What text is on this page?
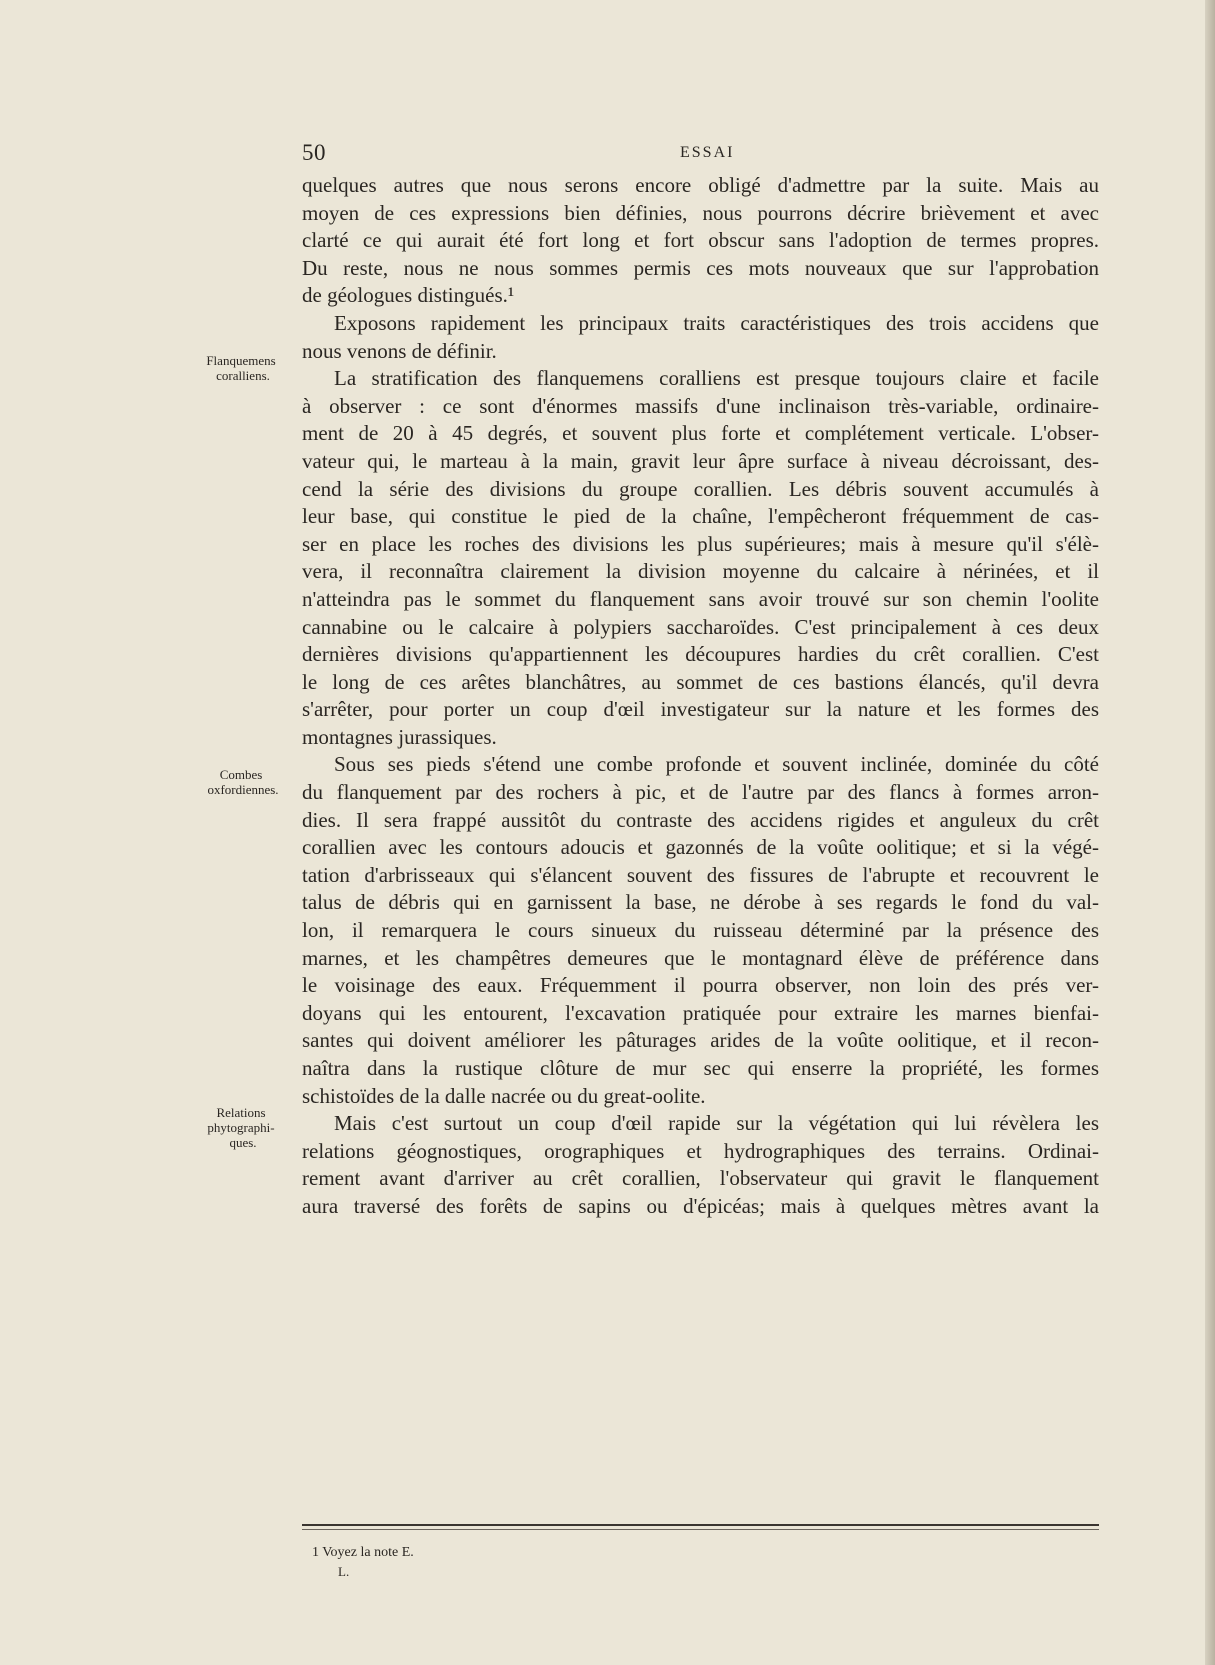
50	ESSAI
Flanquemens
coralliens.
Combes
oxfordiennes.
Relations
phytographi-
ques.
quelques autres que nous serons encore obligé d'admettre par la suite. Mais au
moyen de ces expressions bien définies, nous pourrons décrire brièvement et avec
clarté ce qui aurait été fort long et fort obscur sans l'adoption de termes propres.
Du reste, nous ne nous sommes permis ces mots nouveaux que sur l'approbation
de géologues distingués.¹
Exposons rapidement les principaux traits caractéristiques des trois accidens que
nous venons de définir.
La stratification des flanquemens coralliens est presque toujours claire et facile
à observer : ce sont d'énormes massifs d'une inclinaison très-variable, ordinaire-
ment de 20 à 45 degrés, et souvent plus forte et complétement verticale. L'obser-
vateur qui, le marteau à la main, gravit leur âpre surface à niveau décroissant, des-
cend la série des divisions du groupe corallien. Les débris souvent accumulés à
leur base, qui constitue le pied de la chaîne, l'empêcheront fréquemment de cas-
ser en place les roches des divisions les plus supérieures; mais à mesure qu'il s'élè-
vera, il reconnaîtra clairement la division moyenne du calcaire à nérinées, et il
n'atteindra pas le sommet du flanquement sans avoir trouvé sur son chemin l'oolite
cannabine ou le calcaire à polypiers saccharoïdes. C'est principalement à ces deux
dernières divisions qu'appartiennent les découpures hardies du crêt corallien. C'est
le long de ces arêtes blanchâtres, au sommet de ces bastions élancés, qu'il devra
s'arrêter, pour porter un coup d'œil investigateur sur la nature et les formes des
montagnes jurassiques.
Sous ses pieds s'étend une combe profonde et souvent inclinée, dominée du côté
du flanquement par des rochers à pic, et de l'autre par des flancs à formes arron-
dies. Il sera frappé aussitôt du contraste des accidens rigides et anguleux du crêt
corallien avec les contours adoucis et gazonnés de la voûte oolitique; et si la végé-
tation d'arbrisseaux qui s'élancent souvent des fissures de l'abrupte et recouvrent le
talus de débris qui en garnissent la base, ne dérobe à ses regards le fond du val-
lon, il remarquera le cours sinueux du ruisseau déterminé par la présence des
marnes, et les champêtres demeures que le montagnard élève de préférence dans
le voisinage des eaux. Fréquemment il pourra observer, non loin des prés ver-
doyans qui les entourent, l'excavation pratiquée pour extraire les marnes bienfai-
santes qui doivent améliorer les pâturages arides de la voûte oolitique, et il recon-
naîtra dans la rustique clôture de mur sec qui enserre la propriété, les formes
schistoïdes de la dalle nacrée ou du great-oolite.
Mais c'est surtout un coup d'œil rapide sur la végétation qui lui révèlera les
relations géognostiques, orographiques et hydrographiques des terrains. Ordinai-
rement avant d'arriver au crêt corallien, l'observateur qui gravit le flanquement
aura traversé des forêts de sapins ou d'épicéas; mais à quelques mètres avant la
1 Voyez la note E.
L.
